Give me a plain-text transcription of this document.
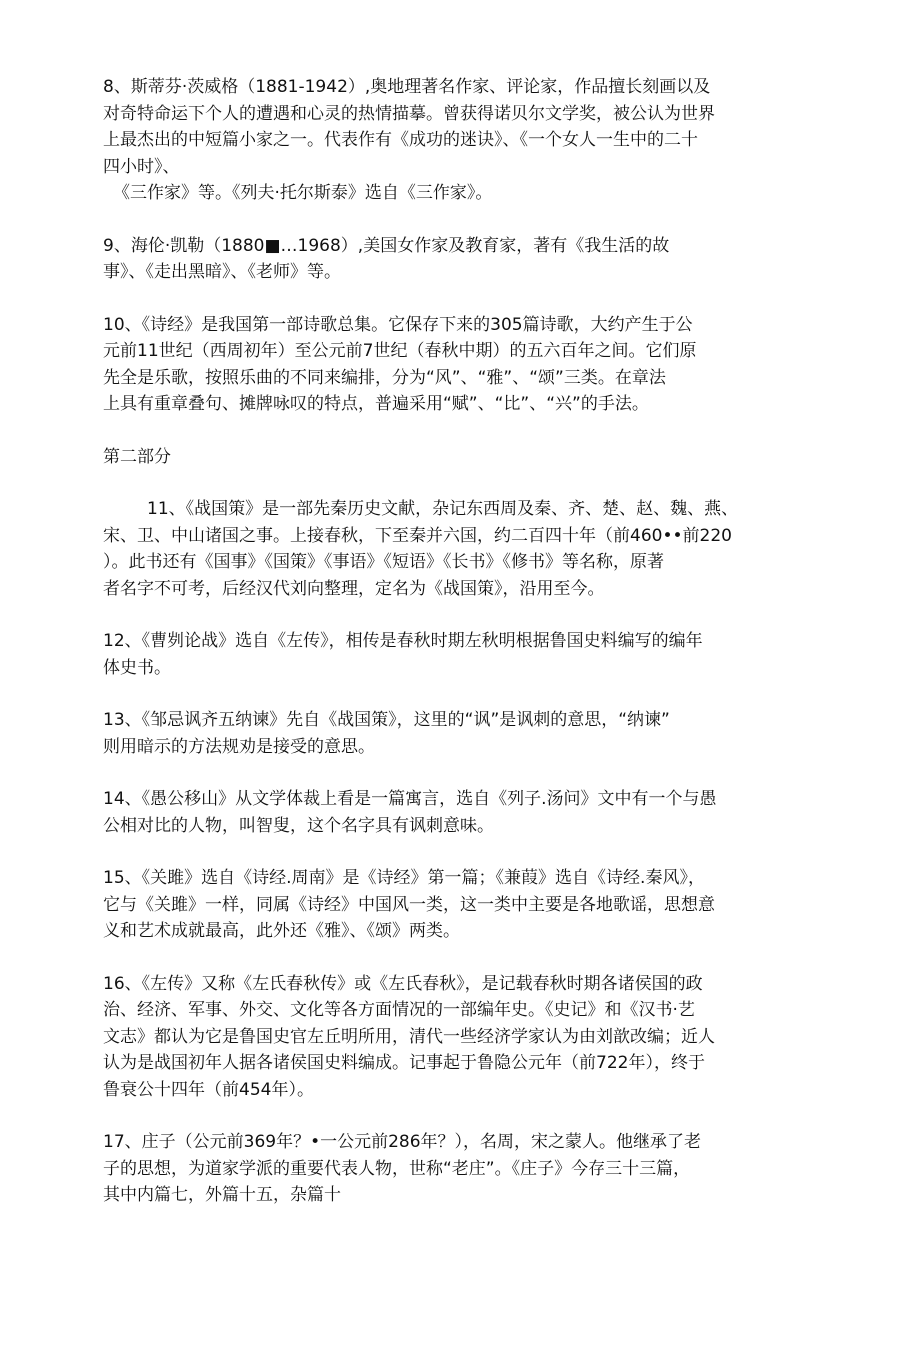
8、斯蒂芬·茨威格（1881-1942）,奥地理著名作家、评论家，作品擅长刻画以及
对奇特命运下个人的遭遇和心灵的热情描摹。曾获得诺贝尔文学奖，被公认为世界
上最杰出的中短篇小家之一。代表作有《成功的迷诀》、《一个女人一生中的二十
四小时》、
《三作家》等。《列夫·托尔斯泰》选自《三作家》。
9、海伦·凯勒（1880■…1968）,美国女作家及教育家，著有《我生活的故
事》、《走出黑暗》、《老师》等。
10、《诗经》是我国第一部诗歌总集。它保存下来的305篇诗歌，大约产生于公
元前11世纪（西周初年）至公元前7世纪（春秋中期）的五六百年之间。它们原
先全是乐歌，按照乐曲的不同来编排，分为“风”、“雅”、“颂”三类。在章法
上具有重章叠句、摊牌咏叹的特点，普遍采用“赋”、“比”、“兴”的手法。
第二部分
11、《战国策》是一部先秦历史文献，杂记东西周及秦、齐、楚、赵、魏、燕、
宋、卫、中山诸国之事。上接春秋，下至秦并六国，约二百四十年（前460••前220
）。此书还有《国事》《国策》《事语》《短语》《长书》《修书》等名称，原著
者名字不可考，后经汉代刘向整理，定名为《战国策》，沿用至今。
12、《曹刿论战》选自《左传》，相传是春秋时期左秋明根据鲁国史料编写的编年
体史书。
13、《邹忌讽齐五纳谏》先自《战国策》，这里的“讽”是讽刺的意思，“纳谏”
则用暗示的方法规劝是接受的意思。
14、《愚公移山》从文学体裁上看是一篇寓言，选自《列子.汤问》文中有一个与愚
公相对比的人物，叫智叟，这个名字具有讽刺意味。
15、《关雎》选自《诗经.周南》是《诗经》第一篇；《兼葭》选自《诗经.秦风》，
它与《关雎》一样，同属《诗经》中国风一类，这一类中主要是各地歌谣，思想意
义和艺术成就最高，此外还《雅》、《颂》两类。
16、《左传》又称《左氏春秋传》或《左氏春秋》，是记载春秋时期各诸侯国的政
治、经济、军事、外交、文化等各方面情况的一部编年史。《史记》和《汉书·艺
文志》都认为它是鲁国史官左丘明所用，清代一些经济学家认为由刘歆改编；近人
认为是战国初年人据各诸侯国史料编成。记事起于鲁隐公元年（前722年），终于
鲁衰公十四年（前454年）。
17、庄子（公元前369年？•一公元前286年？），名周，宋之蒙人。他继承了老
子的思想，为道家学派的重要代表人物，世称“老庄”。《庄子》今存三十三篇，
其中内篇七，外篇十五，杂篇十
